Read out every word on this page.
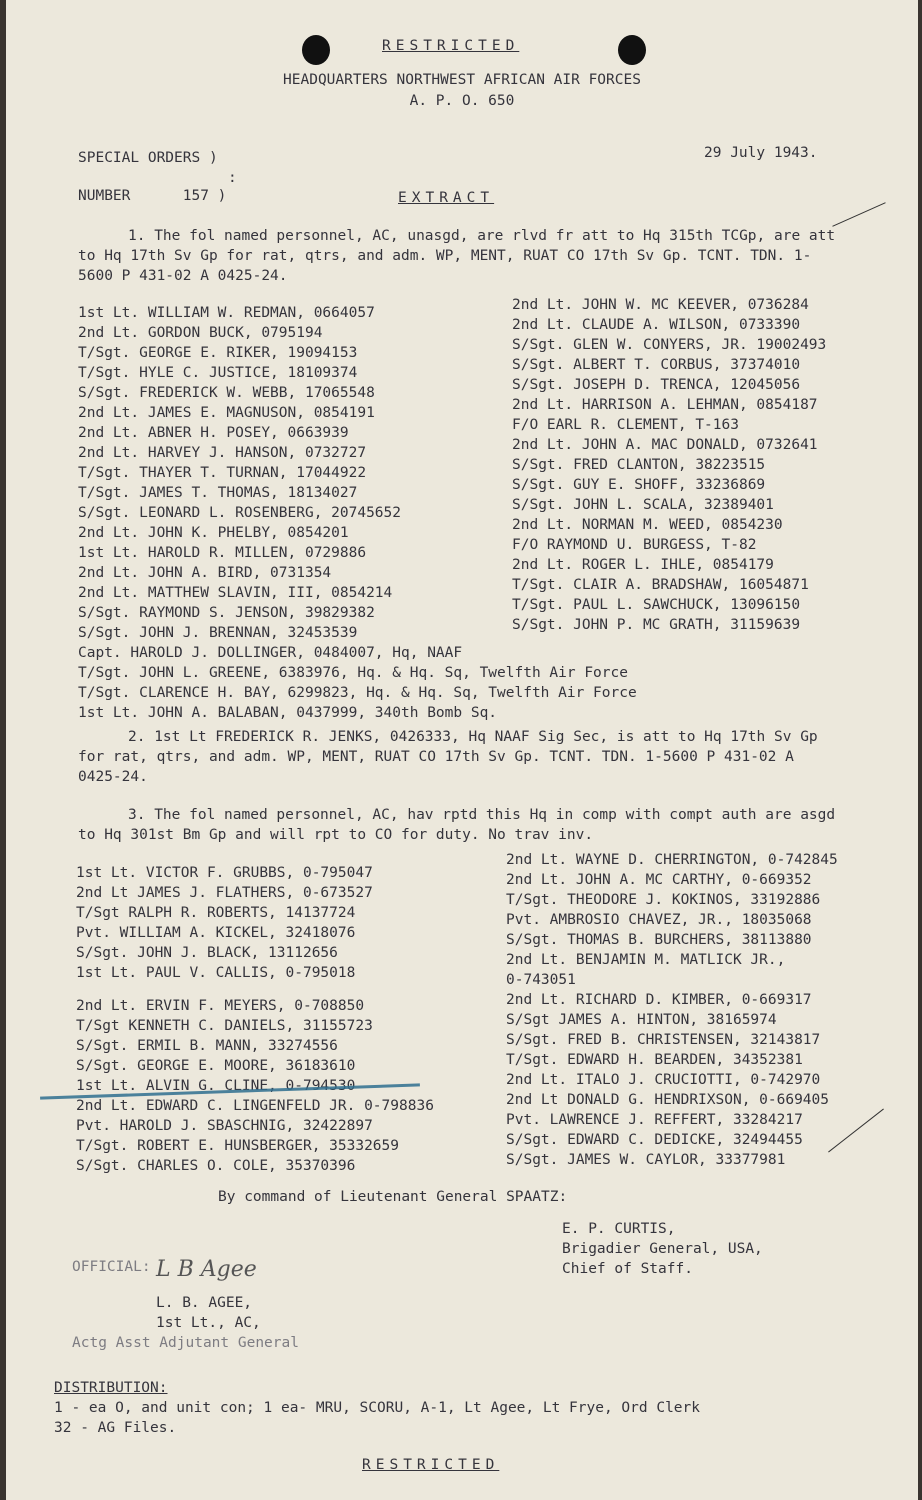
RESTRICTED
HEADQUARTERS NORTHWEST AFRICAN AIR FORCES
A. P. O. 650
SPECIAL ORDERS )
:
NUMBER      157 )
29 July 1943.
EXTRACT
1. The fol named personnel, AC, unasgd, are rlvd fr att to Hq 315th TCGp, are att to Hq 17th Sv Gp for rat, qtrs, and adm. WP, MENT, RUAT CO 17th Sv Gp. TCNT. TDN. 1-5600 P 431-02 A 0425-24.
1st Lt. WILLIAM W. REDMAN, 0664057
2nd Lt. GORDON BUCK, 0795194
T/Sgt. GEORGE E. RIKER, 19094153
T/Sgt. HYLE C. JUSTICE, 18109374
S/Sgt. FREDERICK W. WEBB, 17065548
2nd Lt. JAMES E. MAGNUSON, 0854191
2nd Lt. ABNER H. POSEY, 0663939
2nd Lt. HARVEY J. HANSON, 0732727
T/Sgt. THAYER T. TURNAN, 17044922
T/Sgt. JAMES T. THOMAS, 18134027
S/Sgt. LEONARD L. ROSENBERG, 20745652
2nd Lt. JOHN K. PHELBY, 0854201
1st Lt. HAROLD R. MILLEN, 0729886
2nd Lt. JOHN A. BIRD, 0731354
2nd Lt. MATTHEW SLAVIN, III, 0854214
S/Sgt. RAYMOND S. JENSON, 39829382
S/Sgt. JOHN J. BRENNAN, 32453539
2nd Lt. JOHN W. MC KEEVER, 0736284
2nd Lt. CLAUDE A. WILSON, 0733390
S/Sgt. GLEN W. CONYERS, JR. 19002493
S/Sgt. ALBERT T. CORBUS, 37374010
S/Sgt. JOSEPH D. TRENCA, 12045056
2nd Lt. HARRISON A. LEHMAN, 0854187
F/O EARL R. CLEMENT, T-163
2nd Lt. JOHN A. MAC DONALD, 0732641
S/Sgt. FRED CLANTON, 38223515
S/Sgt. GUY E. SHOFF, 33236869
S/Sgt. JOHN L. SCALA, 32389401
2nd Lt. NORMAN M. WEED, 0854230
F/O RAYMOND U. BURGESS, T-82
2nd Lt. ROGER L. IHLE, 0854179
T/Sgt. CLAIR A. BRADSHAW, 16054871
T/Sgt. PAUL L. SAWCHUCK, 13096150
S/Sgt. JOHN P. MC GRATH, 31159639
Capt. HAROLD J. DOLLINGER, 0484007, Hq, NAAF
T/Sgt. JOHN L. GREENE, 6383976, Hq. & Hq. Sq, Twelfth Air Force
T/Sgt. CLARENCE H. BAY, 6299823, Hq. & Hq. Sq, Twelfth Air Force
1st Lt. JOHN A. BALABAN, 0437999, 340th Bomb Sq.
2. 1st Lt FREDERICK R. JENKS, 0426333, Hq NAAF Sig Sec, is att to Hq 17th Sv Gp for rat, qtrs, and adm. WP, MENT, RUAT CO 17th Sv Gp. TCNT. TDN. 1-5600 P 431-02 A 0425-24.
3. The fol named personnel, AC, hav rptd this Hq in comp with compt auth are asgd to Hq 301st Bm Gp and will rpt to CO for duty. No trav inv.
1st Lt. VICTOR F. GRUBBS, 0-795047
2nd Lt JAMES J. FLATHERS, 0-673527
T/Sgt RALPH R. ROBERTS, 14137724
Pvt. WILLIAM A. KICKEL, 32418076
S/Sgt. JOHN J. BLACK, 13112656
1st Lt. PAUL V. CALLIS, 0-795018
2nd Lt. ERVIN F. MEYERS, 0-708850
T/Sgt KENNETH C. DANIELS, 31155723
S/Sgt. ERMIL B. MANN, 33274556
S/Sgt. GEORGE E. MOORE, 36183610
1st Lt. ALVIN G. CLINE, 0-794530
2nd Lt. EDWARD C. LINGENFELD JR. 0-798836
Pvt. HAROLD J. SBASCHNIG, 32422897
T/Sgt. ROBERT E. HUNSBERGER, 35332659
S/Sgt. CHARLES O. COLE, 35370396
2nd Lt. WAYNE D. CHERRINGTON, 0-742845
2nd Lt. JOHN A. MC CARTHY, 0-669352
T/Sgt. THEODORE J. KOKINOS, 33192886
Pvt. AMBROSIO CHAVEZ, JR., 18035068
S/Sgt. THOMAS B. BURCHERS, 38113880
2nd Lt. BENJAMIN M. MATLICK JR.,
0-743051
2nd Lt. RICHARD D. KIMBER, 0-669317
S/Sgt JAMES A. HINTON, 38165974
S/Sgt. FRED B. CHRISTENSEN, 32143817
T/Sgt. EDWARD H. BEARDEN, 34352381
2nd Lt. ITALO J. CRUCIOTTI, 0-742970
2nd Lt DONALD G. HENDRIXSON, 0-669405
Pvt. LAWRENCE J. REFFERT, 33284217
S/Sgt. EDWARD C. DEDICKE, 32494455
S/Sgt. JAMES W. CAYLOR, 33377981
By command of Lieutenant General SPAATZ:
E. P. CURTIS,
Brigadier General, USA,
Chief of Staff.
OFFICIAL: L B Agee
L. B. AGEE,
1st Lt., AC,
Actg Asst Adjutant General
DISTRIBUTION:
1 - ea O, and unit con; 1 ea- MRU, SCORU, A-1, Lt Agee, Lt Frye, Ord Clerk
32 - AG Files.
RESTRICTED
